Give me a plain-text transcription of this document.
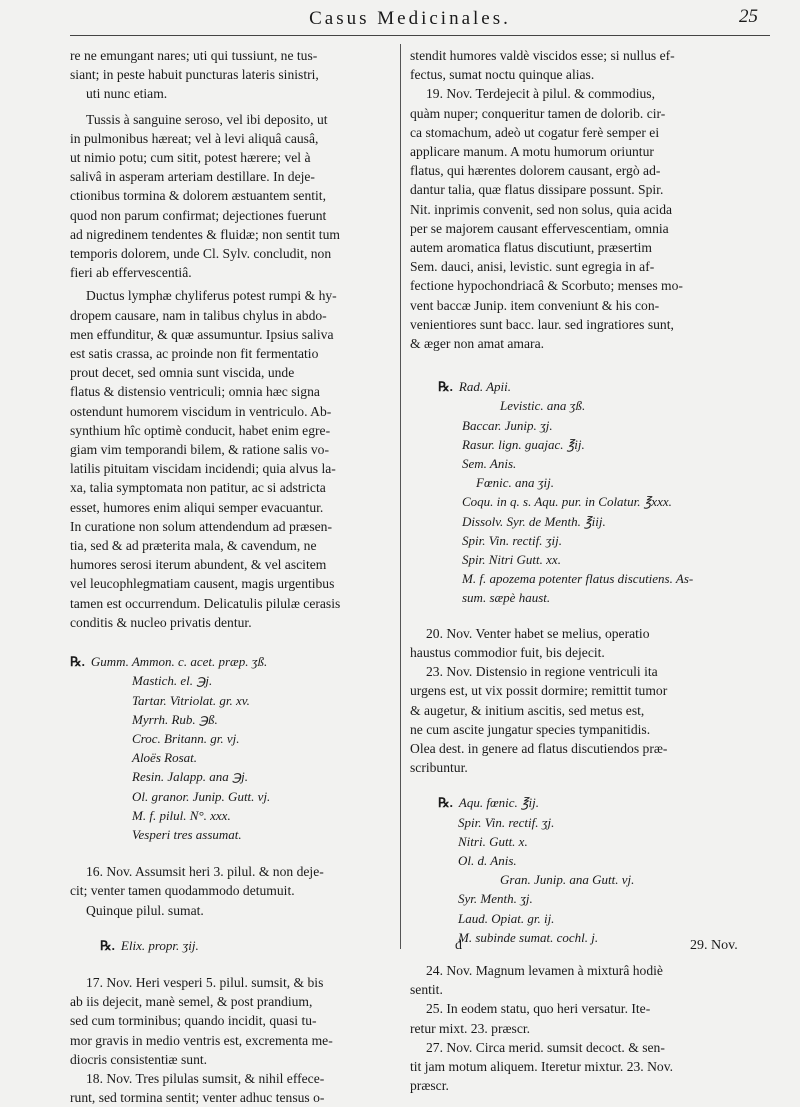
Casus Medicinales.	25

re ne emungant nares; uti qui tussiunt, ne tus-
siant; in peste habuit puncturas lateris sinistri,
uti nunc etiam.

Tussis à sanguine seroso, vel ibi deposito, ut
in pulmonibus hæreat; vel à levi aliquâ causâ,
ut nimio potu; cum sitit, potest hærere; vel à
salivâ in asperam arteriam destillare. In deje-
ctionibus tormina & dolorem æstuantem sentit,
quod non parum confirmat; dejectiones fuerunt
ad nigredinem tendentes & fluidæ; non sentit tum
temporis dolorem, unde Cl. Sylv. concludit, non
fieri ab effervescentiâ.

Ductus lymphæ chyliferus potest rumpi & hy-
dropem causare, nam in talibus chylus in abdo-
men effunditur, & quæ assumuntur. Ipsius saliva
est satis crassa, ac proinde non fit fermentatio
prout decet, sed omnia sunt viscida, unde
flatus & distensio ventriculi; omnia hæc signa
ostendunt humorem viscidum in ventriculo. Ab-
synthium hîc optimè conducit, habet enim egre-
giam vim temporandi bilem, & ratione salis vo-
latilis pituitam viscidam incidendi; quia alvus la-
xa, talia symptomata non patitur, ac si adstricta
esset, humores enim aliqui semper evacuantur.
In curatione non solum attendendum ad præsen-
tia, sed & ad præterita mala, & cavendum, ne
humores serosi iterum abundent, & vel ascitem
vel leucophlegmatiam causent, magis urgentibus
tamen est occurrendum. Delicatulis pilulæ cerasis
conditis & nucleo privatis dentur.

℞. Gumm. Ammon. c. acet. præp. ʒß.
Mastich. el. ℈j.
Tartar. Vitriolat. gr. xv.
Myrrh. Rub. ℈ß.
Croc. Britann. gr. vj.
Aloës Rosat.
Resin. Jalapp. ana ℈j.
Ol. granor. Junip. Gutt. vj.
M. f. pilul. N°. xxx.
Vesperi tres assumat.

16. Nov. Assumsit heri 3. pilul. & non deje-
cit; venter tamen quodammodo detumuit.
Quinque pilul. sumat.

℞. Elix. propr. ʒij.

17. Nov. Heri vesperi 5. pilul. sumsit, & bis
ab iis dejecit, manè semel, & post prandium,
sed cum torminibus; quando incidit, quasi tu-
mor gravis in medio ventris est, excrementa me-
diocris consistentiæ sunt.

18. Nov. Tres pilulas sumsit, & nihil effece-
runt, sed tormina sentit; venter adhuc tensus o-

stendit humores valdè viscidos esse; si nullus ef-
fectus, sumat noctu quinque alias.

19. Nov. Terdejecit à pilul. & commodius,
quàm nuper; conqueritur tamen de dolorib. cir-
ca stomachum, adeò ut cogatur ferè semper ei
applicare manum. A motu humorum oriuntur
flatus, qui hærentes dolorem causant, ergò ad-
dantur talia, quæ flatus dissipare possunt. Spir.
Nit. inprimis convenit, sed non solus, quia acida
per se majorem causant effervescentiam, omnia
autem aromatica flatus discutiunt, præsertim
Sem. dauci, anisi, levistic. sunt egregia in af-
fectione hypochondriacâ & Scorbuto; menses mo-
vent baccæ Junip. item conveniunt & his con-
venientiores sunt bacc. laur. sed ingratiores sunt,
& æger non amat amara.

℞. Rad. Apii.
Levistic. ana ʒß.
Baccar. Junip. ʒj.
Rasur. lign. guajac. ℥ij.
Sem. Anis.
Fœnic. ana ʒij.
Coqu. in q. s. Aqu. pur. in Colatur. ℥xxx.
Dissolv. Syr. de Menth. ℥iij.
Spir. Vin. rectif. ʒij.
Spir. Nitri Gutt. xx.
M. f. apozema potenter flatus discutiens. As-
sum. sæpè haust.

20. Nov. Venter habet se melius, operatio
haustus commodior fuit, bis dejecit.

23. Nov. Distensio in regione ventriculi ita
urgens est, ut vix possit dormire; remittit tumor
& augetur, & initium ascitis, sed metus est,
ne cum ascite jungatur species tympanitidis.
Olea dest. in genere ad flatus discutiendos præ-
scribuntur.

℞. Aqu. fœnic. ℥ij.
Spir. Vin. rectif. ʒj.
Nitri. Gutt. x.
Ol. d. Anis.
Gran. Junip. ana Gutt. vj.
Syr. Menth. ʒj.
Laud. Opiat. gr. ij.
M. subinde sumat. cochl. j.

24. Nov. Magnum levamen à mixturâ hodiè
sentit.

25. In eodem statu, quo heri versatur. Ite-
retur mixt. 23. præscr.

27. Nov. Circa merid. sumsit decoct. & sen-
tit jam motum aliquem. Iteretur mixtur. 23. Nov.
præscr.

d	29. Nov.
